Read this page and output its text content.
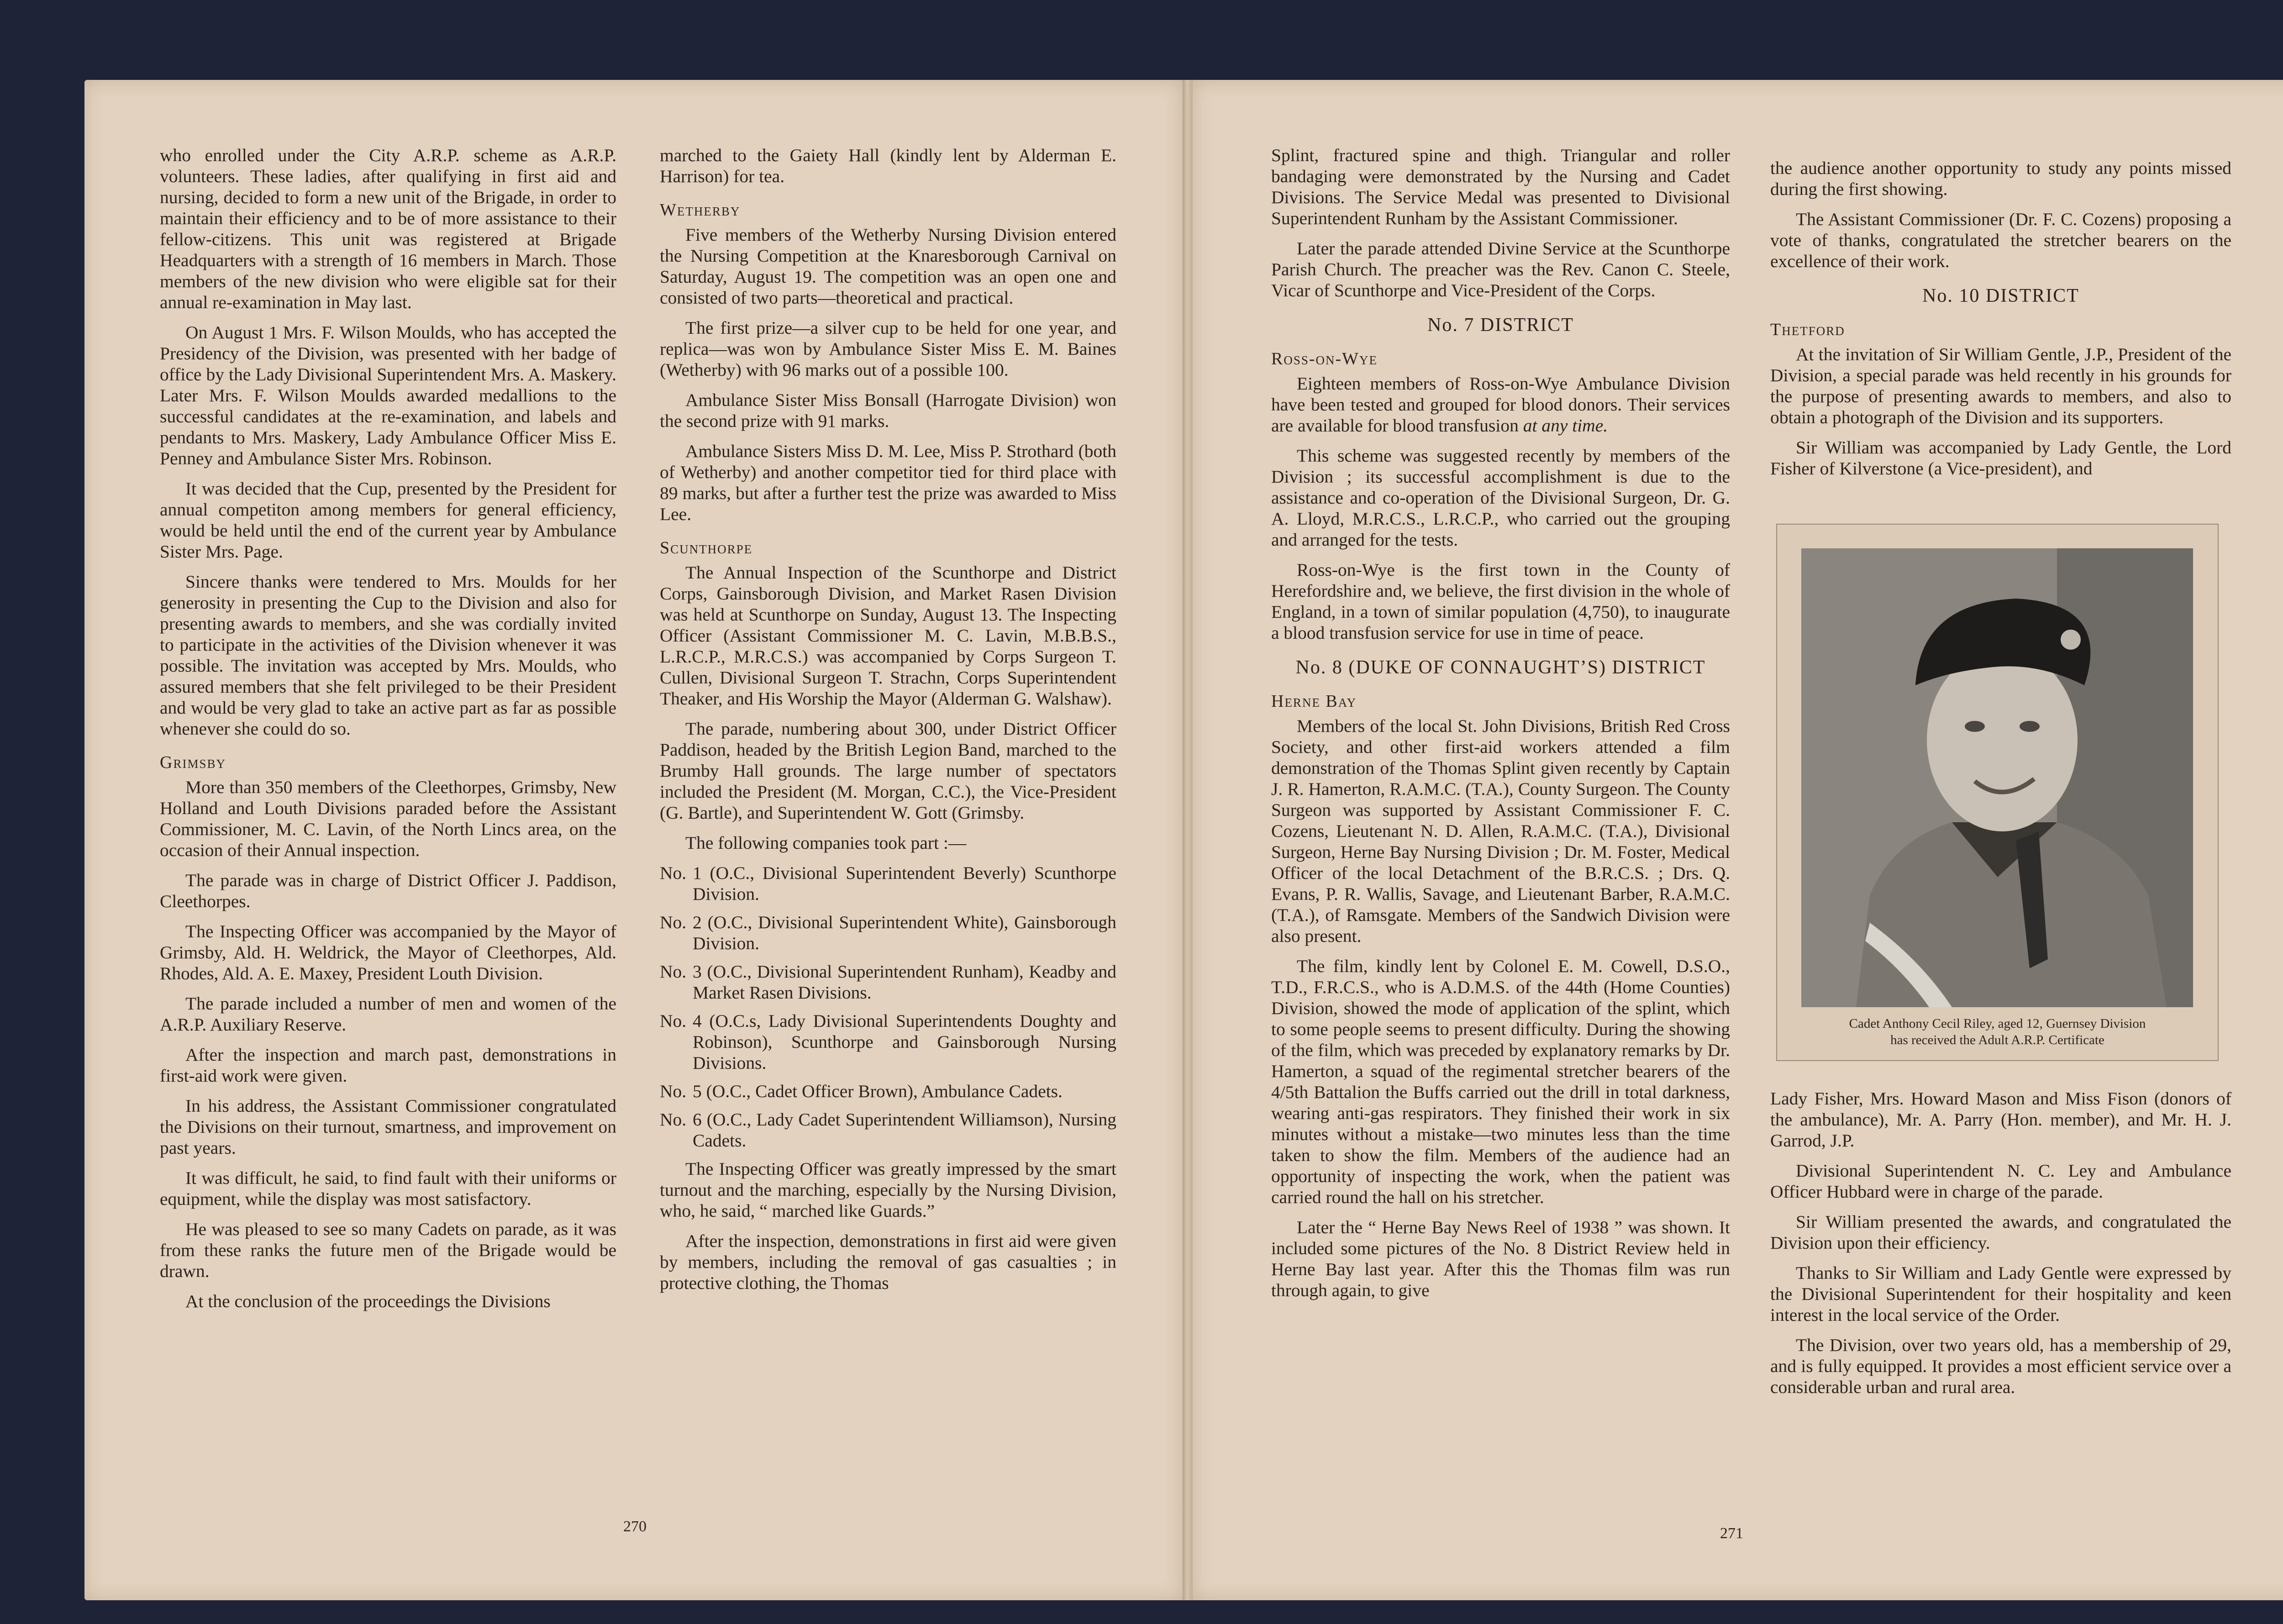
who enrolled under the City A.R.P. scheme as A.R.P. volunteers. These ladies, after qualifying in first aid and nursing, decided to form a new unit of the Brigade, in order to maintain their efficiency and to be of more assistance to their fellow-citizens. This unit was registered at Brigade Headquarters with a strength of 16 members in March. Those members of the new division who were eligible sat for their annual re-examination in May last.

On August 1 Mrs. F. Wilson Moulds, who has accepted the Presidency of the Division, was presented with her badge of office by the Lady Divisional Superintendent Mrs. A. Maskery. Later Mrs. F. Wilson Moulds awarded medallions to the successful candidates at the re-examination, and labels and pendants to Mrs. Maskery, Lady Ambulance Officer Miss E. Penney and Ambulance Sister Mrs. Robinson.

It was decided that the Cup, presented by the President for annual competiton among members for general efficiency, would be held until the end of the current year by Ambulance Sister Mrs. Page.

Sincere thanks were tendered to Mrs. Moulds for her generosity in presenting the Cup to the Division and also for presenting awards to members, and she was cordially invited to participate in the activities of the Division whenever it was possible. The invitation was accepted by Mrs. Moulds, who assured members that she felt privileged to be their President and would be very glad to take an active part as far as possible whenever she could do so.

Grimsby

More than 350 members of the Cleethorpes, Grimsby, New Holland and Louth Divisions paraded before the Assistant Commissioner, M. C. Lavin, of the North Lincs area, on the occasion of their Annual inspection.

The parade was in charge of District Officer J. Paddison, Cleethorpes.

The Inspecting Officer was accompanied by the Mayor of Grimsby, Ald. H. Weldrick, the Mayor of Cleethorpes, Ald. Rhodes, Ald. A. E. Maxey, President Louth Division.

The parade included a number of men and women of the A.R.P. Auxiliary Reserve.

After the inspection and march past, demonstrations in first-aid work were given.

In his address, the Assistant Commissioner congratulated the Divisions on their turnout, smartness, and improvement on past years.

It was difficult, he said, to find fault with their uniforms or equipment, while the display was most satisfactory.

He was pleased to see so many Cadets on parade, as it was from these ranks the future men of the Brigade would be drawn.

At the conclusion of the proceedings the Divisions

marched to the Gaiety Hall (kindly lent by Alderman E. Harrison) for tea.

Wetherby

Five members of the Wetherby Nursing Division entered the Nursing Competition at the Knaresborough Carnival on Saturday, August 19. The competition was an open one and consisted of two parts—theoretical and practical.

The first prize—a silver cup to be held for one year, and replica—was won by Ambulance Sister Miss E. M. Baines (Wetherby) with 96 marks out of a possible 100.

Ambulance Sister Miss Bonsall (Harrogate Division) won the second prize with 91 marks.

Ambulance Sisters Miss D. M. Lee, Miss P. Strothard (both of Wetherby) and another competitor tied for third place with 89 marks, but after a further test the prize was awarded to Miss Lee.

Scunthorpe

The Annual Inspection of the Scunthorpe and District Corps, Gainsborough Division, and Market Rasen Division was held at Scunthorpe on Sunday, August 13. The Inspecting Officer (Assistant Commissioner M. C. Lavin, M.B.B.S., L.R.C.P., M.R.C.S.) was accompanied by Corps Surgeon T. Cullen, Divisional Surgeon T. Strachn, Corps Superintendent Theaker, and His Worship the Mayor (Alderman G. Walshaw).

The parade, numbering about 300, under District Officer Paddison, headed by the British Legion Band, marched to the Brumby Hall grounds. The large number of spectators included the President (M. Morgan, C.C.), the Vice-President (G. Bartle), and Superintendent W. Gott (Grimsby.

The following companies took part :—

No. 1 (O.C., Divisional Superintendent Beverly) Scunthorpe Division.
No. 2 (O.C., Divisional Superintendent White), Gainsborough Division.
No. 3 (O.C., Divisional Superintendent Runham), Keadby and Market Rasen Divisions.
No. 4 (O.C.s, Lady Divisional Superintendents Doughty and Robinson), Scunthorpe and Gainsborough Nursing Divisions.
No. 5 (O.C., Cadet Officer Brown), Ambulance Cadets.
No. 6 (O.C., Lady Cadet Superintendent Williamson), Nursing Cadets.

The Inspecting Officer was greatly impressed by the smart turnout and the marching, especially by the Nursing Division, who, he said, “ marched like Guards.”

After the inspection, demonstrations in first aid were given by members, including the removal of gas casualties ; in protective clothing, the Thomas

270

Splint, fractured spine and thigh. Triangular and roller bandaging were demonstrated by the Nursing and Cadet Divisions. The Service Medal was presented to Divisional Superintendent Runham by the Assistant Commissioner.

Later the parade attended Divine Service at the Scunthorpe Parish Church. The preacher was the Rev. Canon C. Steele, Vicar of Scunthorpe and Vice-President of the Corps.

No. 7 DISTRICT
Ross-on-Wye

Eighteen members of Ross-on-Wye Ambulance Division have been tested and grouped for blood donors. Their services are available for blood transfusion at any time.

This scheme was suggested recently by members of the Division ; its successful accomplishment is due to the assistance and co-operation of the Divisional Surgeon, Dr. G. A. Lloyd, M.R.C.S., L.R.C.P., who carried out the grouping and arranged for the tests.

Ross-on-Wye is the first town in the County of Herefordshire and, we believe, the first division in the whole of England, in a town of similar population (4,750), to inaugurate a blood transfusion service for use in time of peace.

No. 8 (DUKE OF CONNAUGHT’S) DISTRICT
Herne Bay

Members of the local St. John Divisions, British Red Cross Society, and other first-aid workers attended a film demonstration of the Thomas Splint given recently by Captain J. R. Hamerton, R.A.M.C. (T.A.), County Surgeon. The County Surgeon was supported by Assistant Commissioner F. C. Cozens, Lieutenant N. D. Allen, R.A.M.C. (T.A.), Divisional Surgeon, Herne Bay Nursing Division ; Dr. M. Foster, Medical Officer of the local Detachment of the B.R.C.S. ; Drs. Q. Evans, P. R. Wallis, Savage, and Lieutenant Barber, R.A.M.C. (T.A.), of Ramsgate. Members of the Sandwich Division were also present.

The film, kindly lent by Colonel E. M. Cowell, D.S.O., T.D., F.R.C.S., who is A.D.M.S. of the 44th (Home Counties) Division, showed the mode of application of the splint, which to some people seems to present difficulty. During the showing of the film, which was preceded by explanatory remarks by Dr. Hamerton, a squad of the regimental stretcher bearers of the 4/5th Battalion the Buffs carried out the drill in total darkness, wearing anti-gas respirators. They finished their work in six minutes without a mistake—two minutes less than the time taken to show the film. Members of the audience had an opportunity of inspecting the work, when the patient was carried round the hall on his stretcher.

Later the “ Herne Bay News Reel of 1938 ” was shown. It included some pictures of the No. 8 District Review held in Herne Bay last year. After this the Thomas film was run through again, to give

the audience another opportunity to study any points missed during the first showing.

The Assistant Commissioner (Dr. F. C. Cozens) proposing a vote of thanks, congratulated the stretcher bearers on the excellence of their work.

No. 10 DISTRICT
Thetford

At the invitation of Sir William Gentle, J.P., President of the Division, a special parade was held recently in his grounds for the purpose of presenting awards to members, and also to obtain a photograph of the Division and its supporters.

Sir William was accompanied by Lady Gentle, the Lord Fisher of Kilverstone (a Vice-president), and

Lady Fisher, Mrs. Howard Mason and Miss Fison (donors of the ambulance), Mr. A. Parry (Hon. member), and Mr. H. J. Garrod, J.P.

Divisional Superintendent N. C. Ley and Ambulance Officer Hubbard were in charge of the parade.

Sir William presented the awards, and congratulated the Division upon their efficiency.

Thanks to Sir William and Lady Gentle were expressed by the Divisional Superintendent for their hospitality and keen interest in the local service of the Order.

The Division, over two years old, has a membership of 29, and is fully equipped. It provides a most efficient service over a considerable urban and rural area.

271
Cadet Anthony Cecil Riley, aged 12, Guernsey Division
has received the Adult A.R.P. Certificate
